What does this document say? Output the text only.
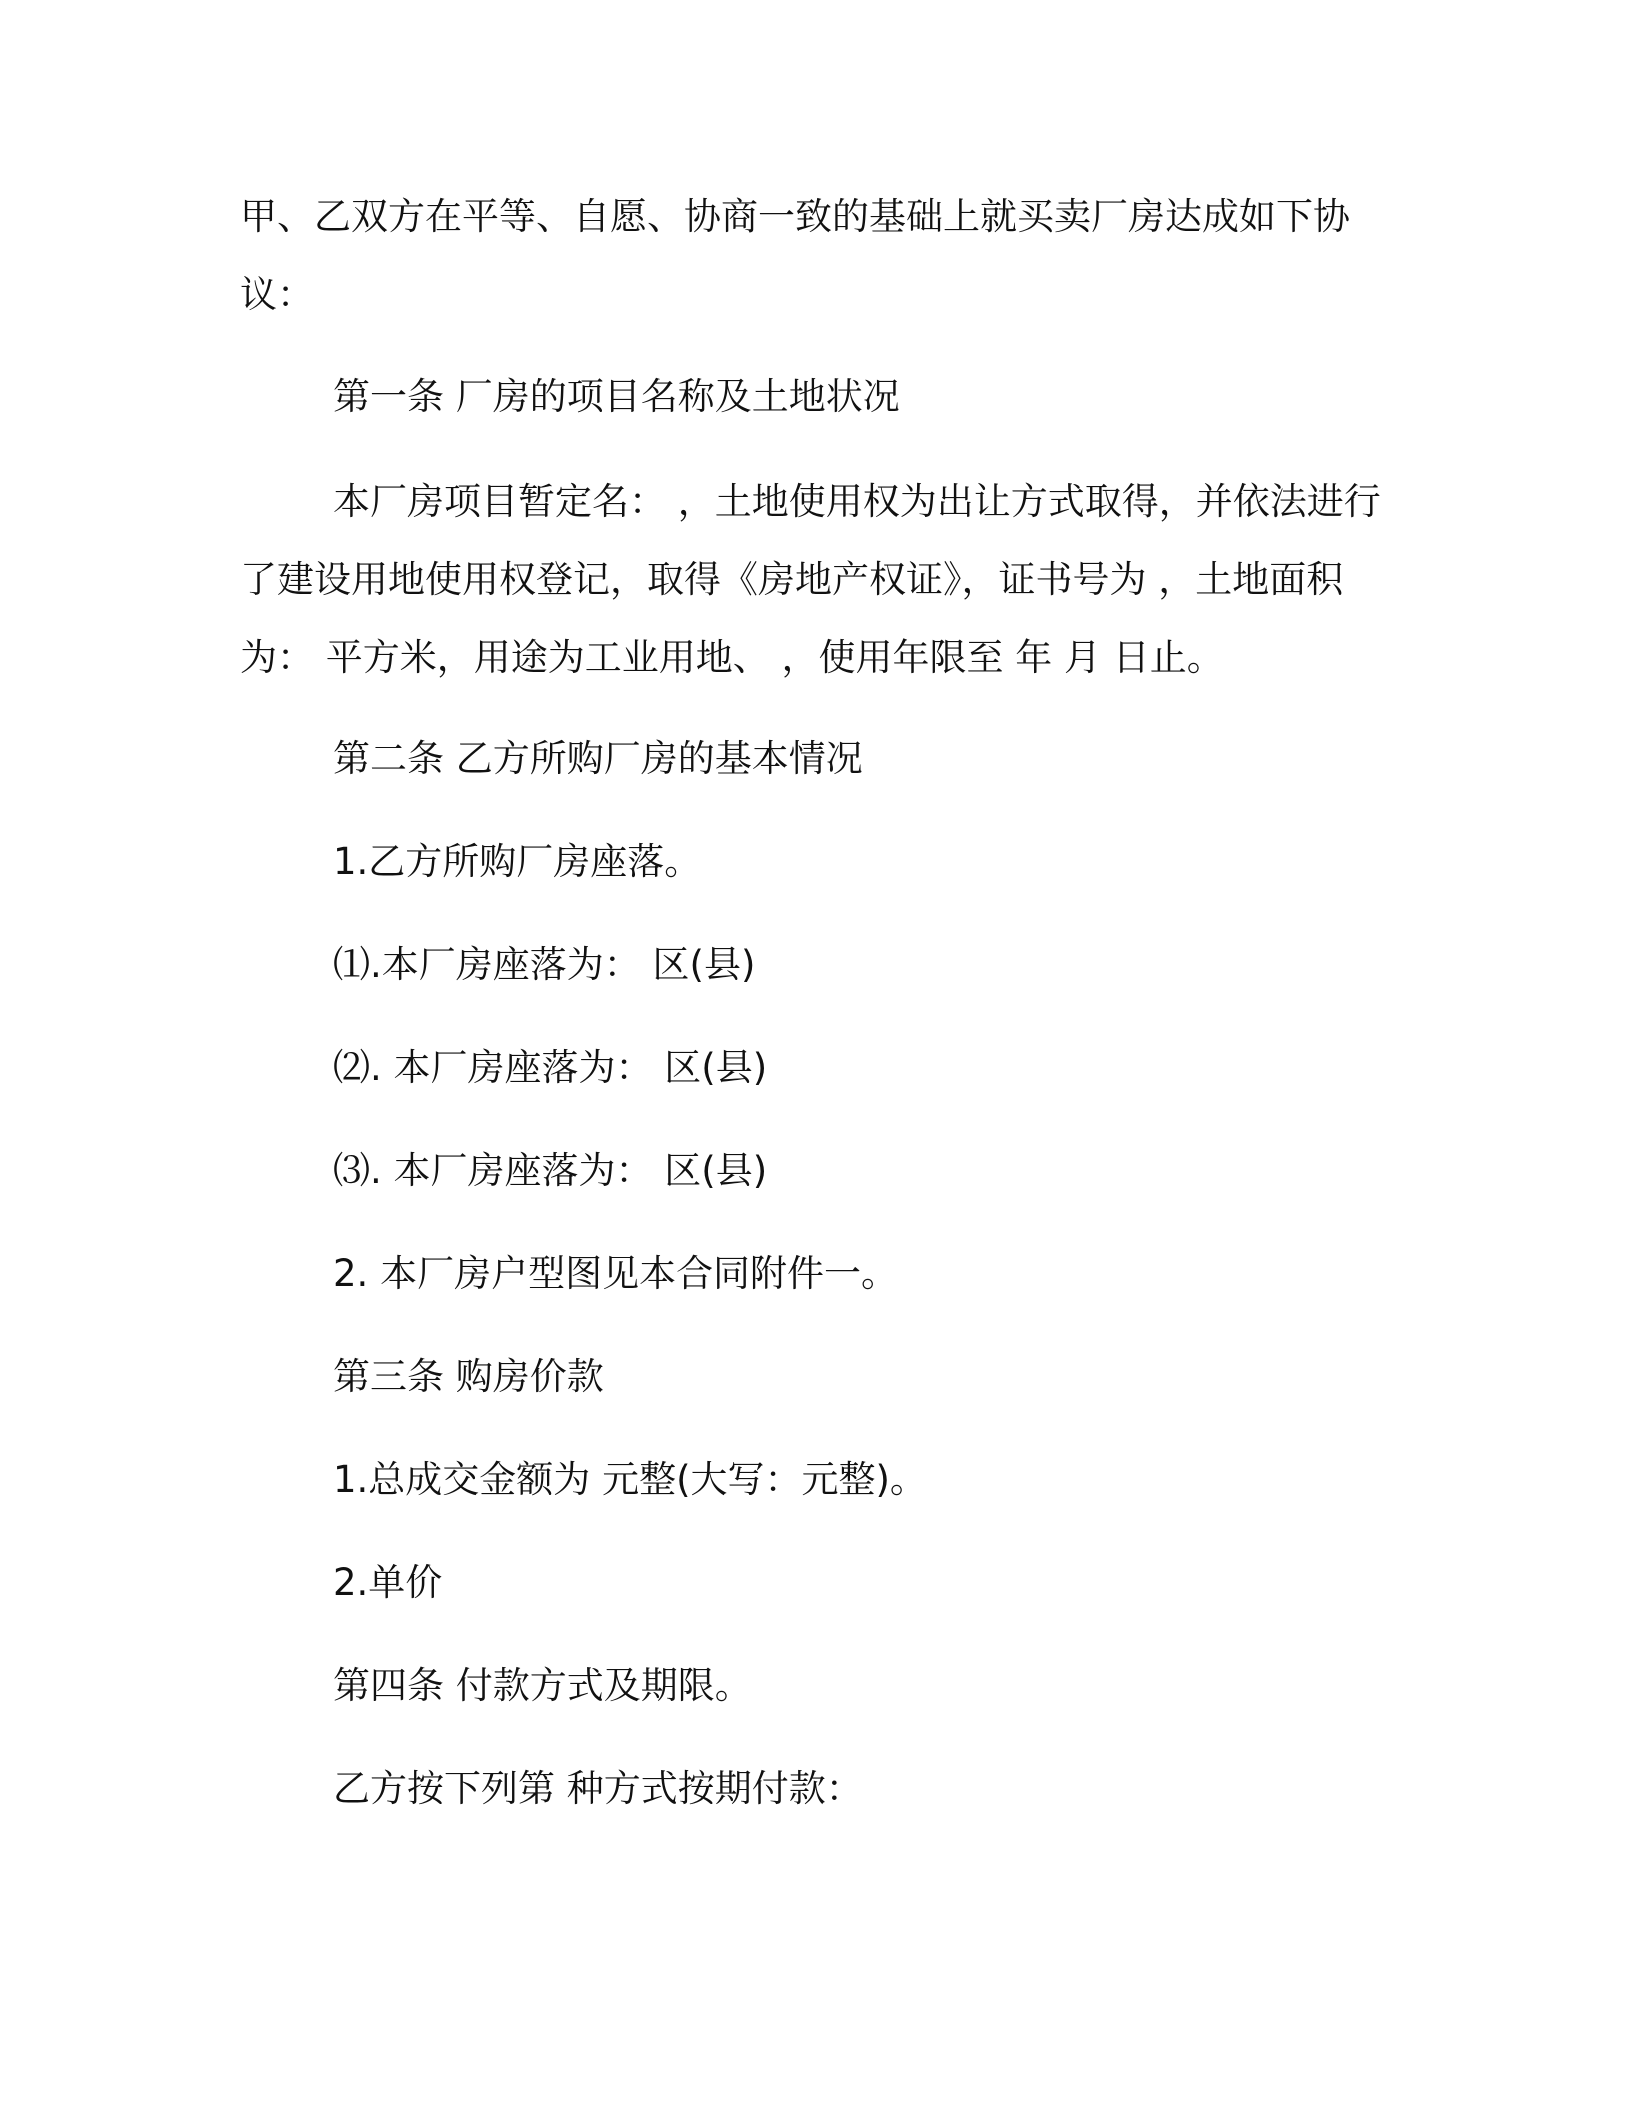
甲、乙双方在平等、自愿、协商一致的基础上就买卖厂房达成如下协议：

第一条 厂房的项目名称及土地状况

本厂房项目暂定名： ，土地使用权为出让方式取得，并依法进行了建设用地使用权登记，取得《房地产权证》，证书号为 ，土地面积为： 平方米，用途为工业用地、 ，使用年限至 年 月 日止。

第二条 乙方所购厂房的基本情况

1.乙方所购厂房座落。

⑴.本厂房座落为： 区(县)

⑵. 本厂房座落为： 区(县)

⑶. 本厂房座落为： 区(县)

2. 本厂房户型图见本合同附件一。

第三条 购房价款

1.总成交金额为 元整(大写：元整)。

2.单价

第四条 付款方式及期限。

乙方按下列第 种方式按期付款：
